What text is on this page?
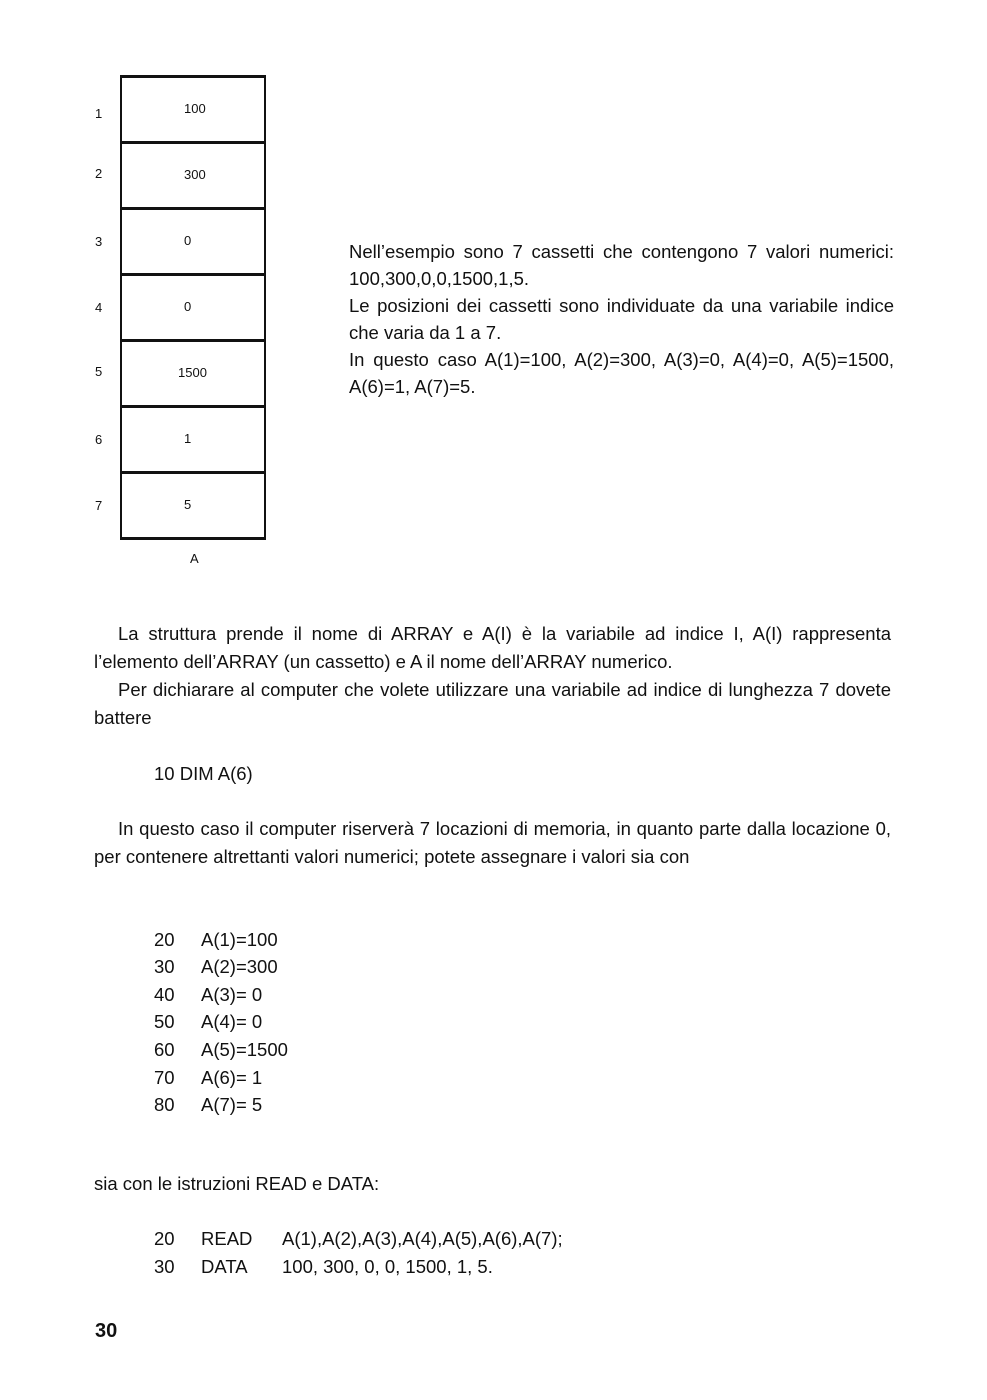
1
2
3
4
5
6
7
100
300
0
0
1500
1
5
A

Nell’esempio sono 7 cassetti che contengono 7 valori numerici: 100,300,0,0,1500,1,5.

Le posizioni dei cassetti sono individuate da una variabile indice che varia da 1 a 7.

In questo caso A(1)=100, A(2)=300, A(3)=0, A(4)=0, A(5)=1500, A(6)=1, A(7)=5.

La struttura prende il nome di ARRAY e A(I) è la variabile ad indice I, A(I) rappresenta l’elemento dell’ARRAY (un cassetto) e A il nome dell’ARRAY numerico.

Per dichiarare al computer che volete utilizzare una variabile ad indice di lunghezza 7 dovete battere

10 DIM A(6)

In questo caso il computer riserverà 7 locazioni di memoria, in quanto parte dalla locazione 0, per contenere altrettanti valori numerici; potete assegnare i valori sia con

20 A(1)=100
30 A(2)=300
40 A(3)= 0
50 A(4)= 0
60 A(5)=1500
70 A(6)= 1
80 A(7)= 5

sia con le istruzioni READ e DATA:

20 READ A(1),A(2),A(3),A(4),A(5),A(6),A(7);
30 DATA 100, 300, 0, 0, 1500, 1, 5.
30
